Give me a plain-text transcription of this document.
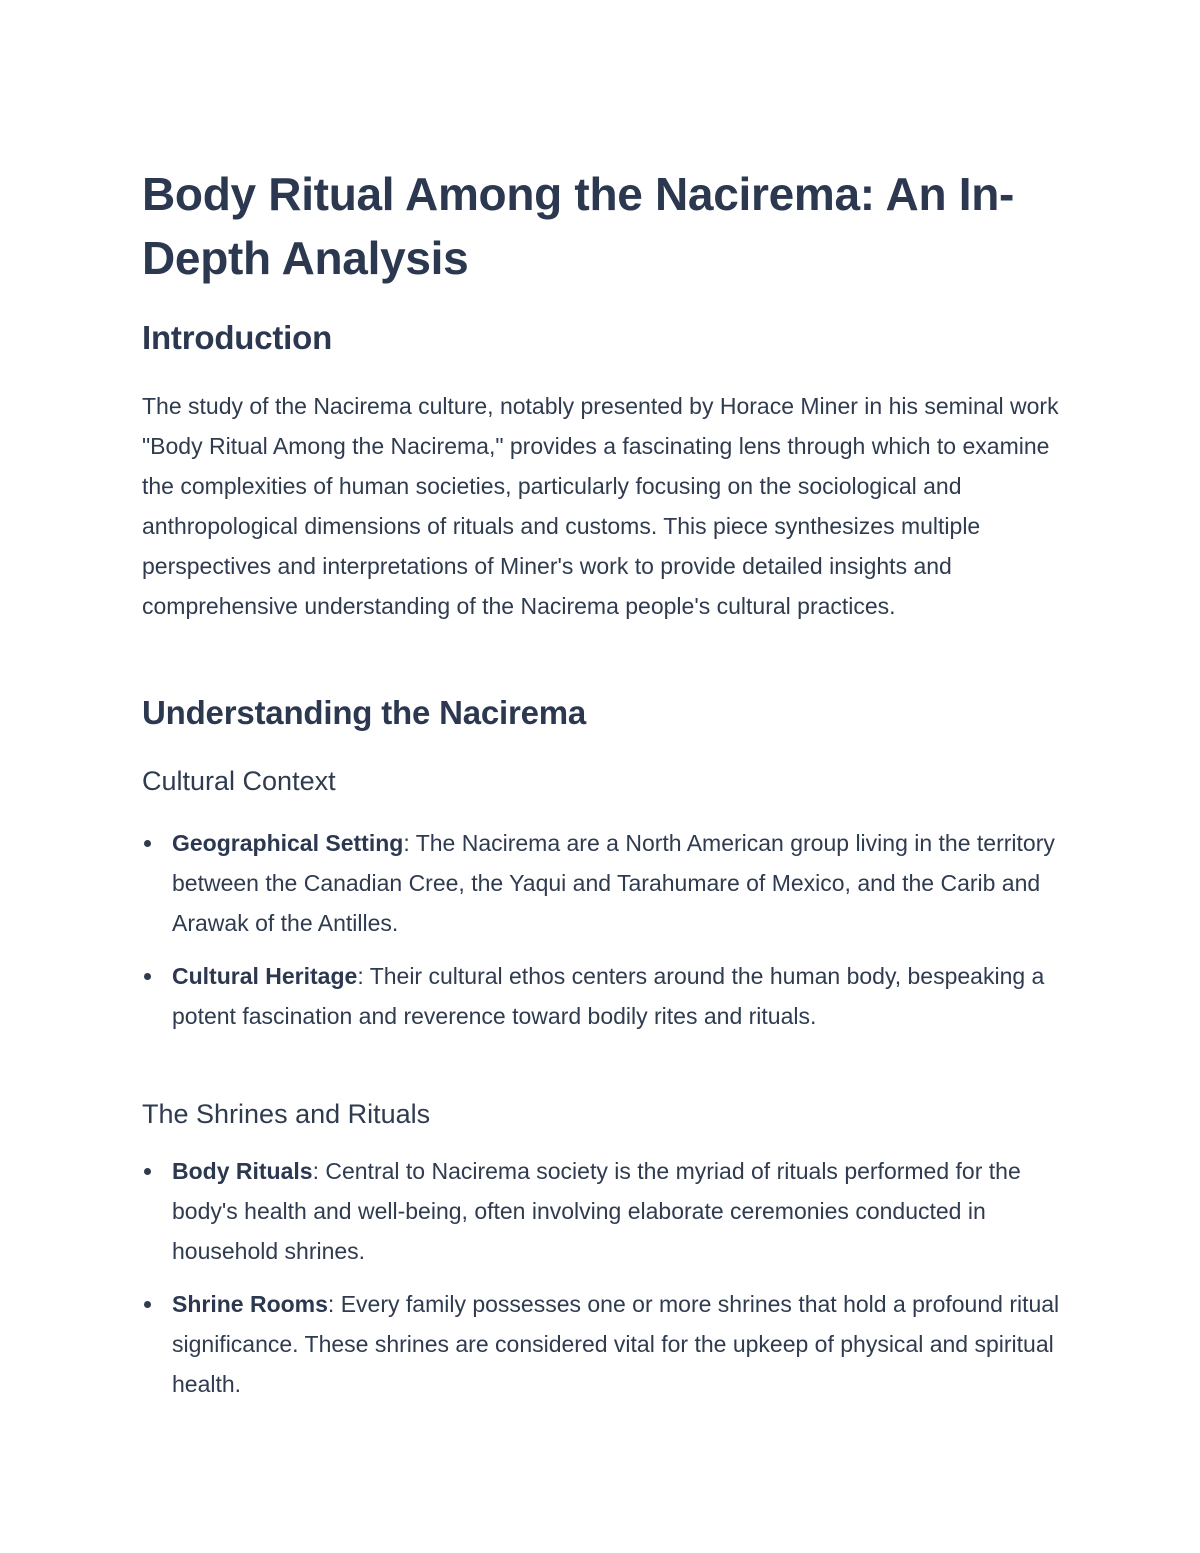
Body Ritual Among the Nacirema: An In-Depth Analysis
Introduction

The study of the Nacirema culture, notably presented by Horace Miner in his seminal work "Body Ritual Among the Nacirema," provides a fascinating lens through which to examine the complexities of human societies, particularly focusing on the sociological and anthropological dimensions of rituals and customs. This piece synthesizes multiple perspectives and interpretations of Miner's work to provide detailed insights and comprehensive understanding of the Nacirema people's cultural practices.

Understanding the Nacirema
Cultural Context
Geographical Setting: The Nacirema are a North American group living in the territory between the Canadian Cree, the Yaqui and Tarahumare of Mexico, and the Carib and Arawak of the Antilles.
Cultural Heritage: Their cultural ethos centers around the human body, bespeaking a potent fascination and reverence toward bodily rites and rituals.
The Shrines and Rituals
Body Rituals: Central to Nacirema society is the myriad of rituals performed for the body's health and well-being, often involving elaborate ceremonies conducted in household shrines.
Shrine Rooms: Every family possesses one or more shrines that hold a profound ritual significance. These shrines are considered vital for the upkeep of physical and spiritual health.
